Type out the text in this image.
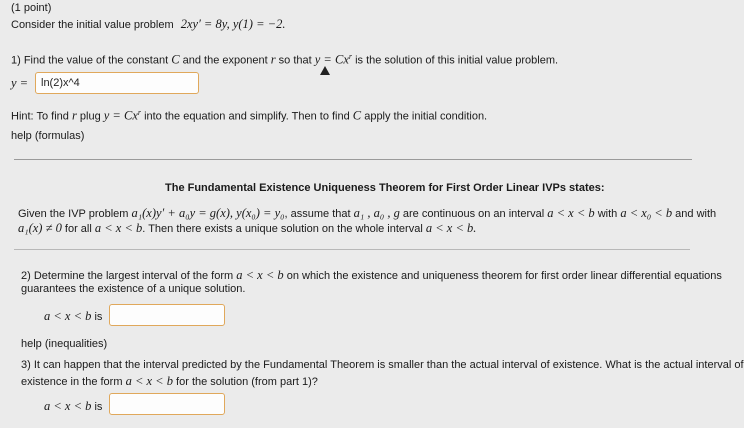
(1 point)
Consider the initial value problem 2xy′ = 8y, y(1) = −2.
1) Find the value of the constant C and the exponent r so that $y = Cx^r$ is the solution of this initial value problem.
y = ln(2)x^4
Hint: To find r plug $y = Cx^r$ into the equation and simplify. Then to find C apply the initial condition.
help (formulas)
The Fundamental Existence Uniqueness Theorem for First Order Linear IVPs states:
Given the IVP problem a₁(x)y′ + a₀y = g(x), y(x₀) = y₀, assume that a₁ , a₀ , g are continuous on an interval a < x < b with a < x₀ < b and with
a₁(x) ≠ 0 for all a < x < b. Then there exists a unique solution on the whole interval a < x < b.
2) Determine the largest interval of the form a < x < b on which the existence and uniqueness theorem for first order linear differential equations
guarantees the existence of a unique solution.
a < x < b is
help (inequalities)
3) It can happen that the interval predicted by the Fundamental Theorem is smaller than the actual interval of existence. What is the actual interval of
existence in the form a < x < b for the solution (from part 1)?
a < x < b is
